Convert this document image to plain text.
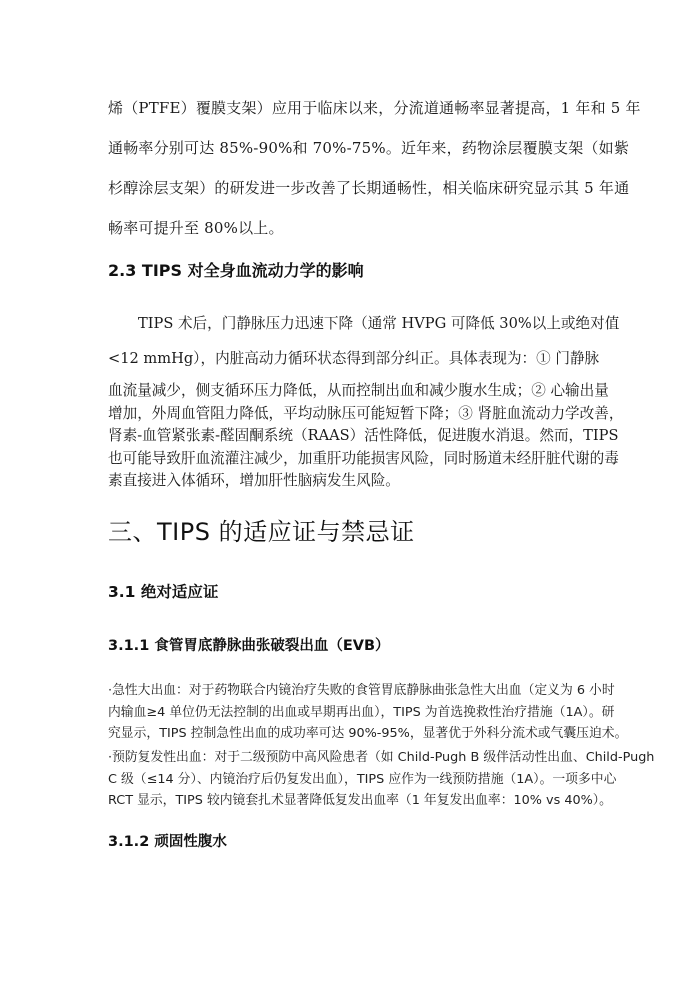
烯（PTFE）覆膜支架）应用于临床以来，分流道通畅率显著提高，1 年和 5 年
通畅率分别可达 85%-90%和 70%-75%。近年来，药物涂层覆膜支架（如紫
杉醇涂层支架）的研发进一步改善了长期通畅性，相关临床研究显示其 5 年通
畅率可提升至 80%以上。
2.3 TIPS 对全身血流动力学的影响
TIPS 术后，门静脉压力迅速下降（通常 HVPG 可降低 30%以上或绝对值
<12 mmHg），内脏高动力循环状态得到部分纠正。具体表现为：① 门静脉
血流量减少，侧支循环压力降低，从而控制出血和减少腹水生成；② 心输出量
增加，外周血管阻力降低，平均动脉压可能短暂下降；③ 肾脏血流动力学改善，
肾素-血管紧张素-醛固酮系统（RAAS）活性降低，促进腹水消退。然而，TIPS
也可能导致肝血流灌注减少，加重肝功能损害风险，同时肠道未经肝脏代谢的毒
素直接进入体循环，增加肝性脑病发生风险。
三、TIPS 的适应证与禁忌证
3.1 绝对适应证
3.1.1 食管胃底静脉曲张破裂出血（EVB）
·急性大出血：对于药物联合内镜治疗失败的食管胃底静脉曲张急性大出血（定义为 6 小时
内输血≥4 单位仍无法控制的出血或早期再出血），TIPS 为首选挽救性治疗措施（1A）。研
究显示，TIPS 控制急性出血的成功率可达 90%-95%，显著优于外科分流术或气囊压迫术。
·预防复发性出血：对于二级预防中高风险患者（如 Child-Pugh B 级伴活动性出血、Child-Pugh
C 级（≤14 分）、内镜治疗后仍复发出血），TIPS 应作为一线预防措施（1A）。一项多中心
RCT 显示，TIPS 较内镜套扎术显著降低复发出血率（1 年复发出血率：10% vs 40%）。
3.1.2 顽固性腹水
